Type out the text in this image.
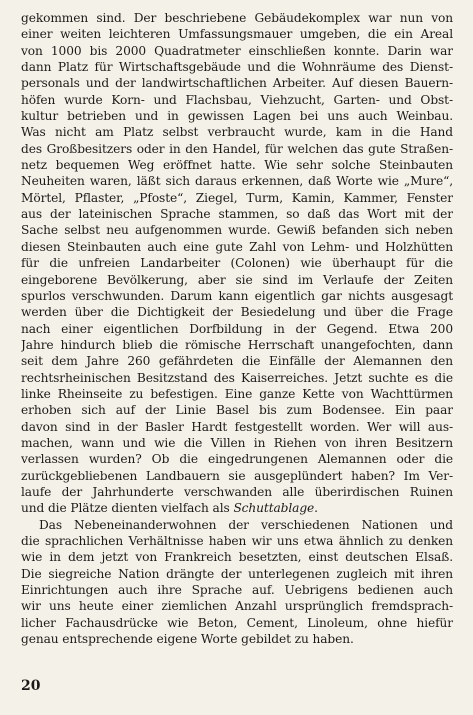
gekommen sind. Der beschriebene Gebäudekomplex war nun von
einer weiten leichteren Umfassungsmauer umgeben, die ein Areal
von 1000 bis 2000 Quadratmeter einschließen konnte. Darin war
dann Platz für Wirtschaftsgebäude und die Wohnräume des Dienst-
personals und der landwirtschaftlichen Arbeiter. Auf diesen Bauern-
höfen wurde Korn- und Flachsbau, Viehzucht, Garten- und Obst-
kultur betrieben und in gewissen Lagen bei uns auch Weinbau.
Was nicht am Platz selbst verbraucht wurde, kam in die Hand
des Großbesitzers oder in den Handel, für welchen das gute Straßen-
netz bequemen Weg eröffnet hatte. Wie sehr solche Steinbauten
Neuheiten waren, läßt sich daraus erkennen, daß Worte wie „Mure“,
Mörtel, Pflaster, „Pfoste“, Ziegel, Turm, Kamin, Kammer, Fenster
aus der lateinischen Sprache stammen, so daß das Wort mit der
Sache selbst neu aufgenommen wurde. Gewiß befanden sich neben
diesen Steinbauten auch eine gute Zahl von Lehm- und Holzhütten
für die unfreien Landarbeiter (Colonen) wie überhaupt für die
eingeborene Bevölkerung, aber sie sind im Verlaufe der Zeiten
spurlos verschwunden. Darum kann eigentlich gar nichts ausgesagt
werden über die Dichtigkeit der Besiedelung und über die Frage
nach einer eigentlichen Dorfbildung in der Gegend. Etwa 200
Jahre hindurch blieb die römische Herrschaft unangefochten, dann
seit dem Jahre 260 gefährdeten die Einfälle der Alemannen den
rechtsrheinischen Besitzstand des Kaiserreiches. Jetzt suchte es die
linke Rheinseite zu befestigen. Eine ganze Kette von Wachttürmen
erhoben sich auf der Linie Basel bis zum Bodensee. Ein paar
davon sind in der Basler Hardt festgestellt worden. Wer will aus-
machen, wann und wie die Villen in Riehen von ihren Besitzern
verlassen wurden? Ob die eingedrungenen Alemannen oder die
zurückgebliebenen Landbauern sie ausgeplündert haben? Im Ver-
laufe der Jahrhunderte verschwanden alle überirdischen Ruinen
und die Plätze dienten vielfach als Schuttablage.
Das Nebeneinanderwohnen der verschiedenen Nationen und
die sprachlichen Verhältnisse haben wir uns etwa ähnlich zu denken
wie in dem jetzt von Frankreich besetzten, einst deutschen Elsaß.
Die siegreiche Nation drängte der unterlegenen zugleich mit ihren
Einrichtungen auch ihre Sprache auf. Uebrigens bedienen auch
wir uns heute einer ziemlichen Anzahl ursprünglich fremdsprach-
licher Fachausdrücke wie Beton, Cement, Linoleum, ohne hiefür
genau entsprechende eigene Worte gebildet zu haben.
20
